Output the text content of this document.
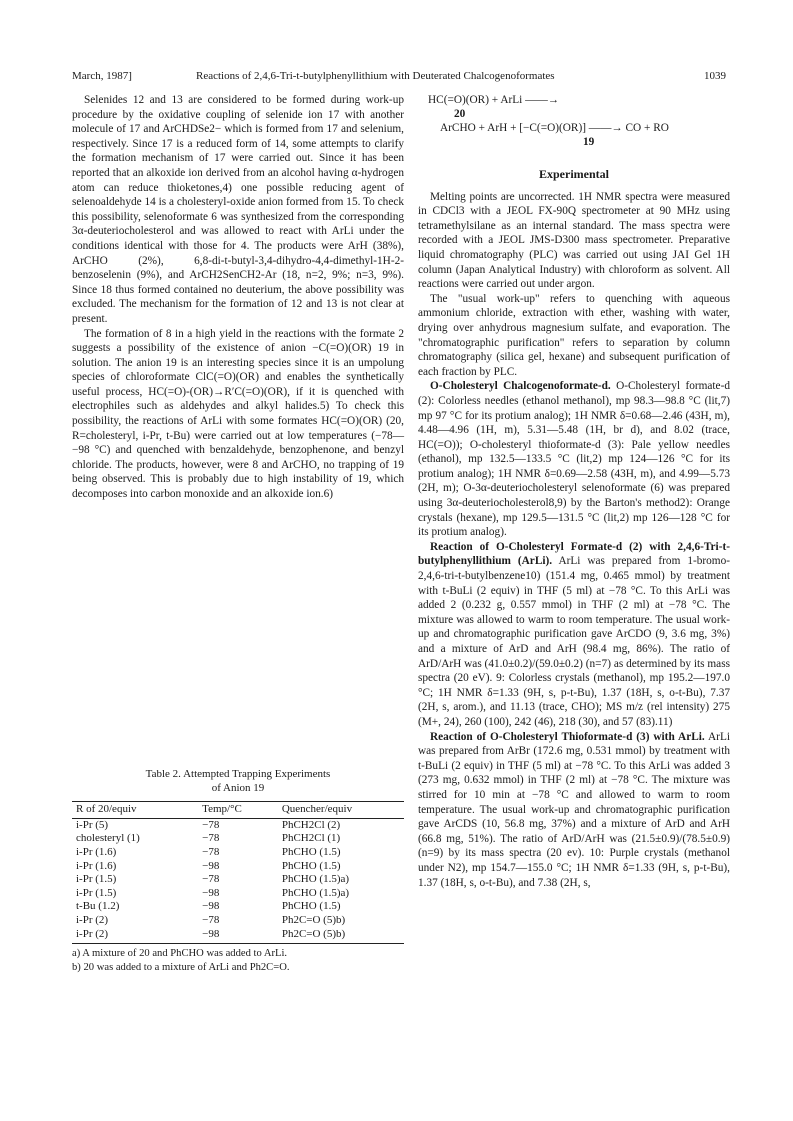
March, 1987]	Reactions of 2,4,6-Tri-t-butylphenyllithium with Deuterated Chalcogenoformates	1039

Selenides 12 and 13 are considered to be formed during work-up procedure by the oxidative coupling of selenide ion 17 with another molecule of 17 and ArCHDSe2− which is formed from 17 and selenium, respectively. Since 17 is a reduced form of 14, some attempts to clarify the formation mechanism of 17 were carried out. Since it has been reported that an alkoxide ion derived from an alcohol having α-hydrogen atom can reduce thioketones,4) one possible reducing agent of selenoaldehyde 14 is a cholesteryl-oxide anion formed from 15. To check this possibility, selenoformate 6 was synthesized from the corresponding 3α-deuteriocholesterol and was allowed to react with ArLi under the conditions identical with those for 4. The products were ArH (38%), ArCHO (2%), 6,8-di-t-butyl-3,4-dihydro-4,4-dimethyl-1H-2-benzoselenin (9%), and ArCH2SenCH2-Ar (18, n=2, 9%; n=3, 9%). Since 18 thus formed contained no deuterium, the above possibility was excluded. The mechanism for the formation of 12 and 13 is not clear at present.

The formation of 8 in a high yield in the reactions with the formate 2 suggests a possibility of the existence of anion −C(=O)(OR) 19 in solution. The anion 19 is an interesting species since it is an umpolung species of chloroformate ClC(=O)(OR) and enables the synthetically useful process, HC(=O)-(OR)→R′C(=O)(OR), if it is quenched with electrophiles such as aldehydes and alkyl halides.5) To check this possibility, the reactions of ArLi with some formates HC(=O)(OR) (20, R=cholesteryl, i-Pr, t-Bu) were carried out at low temperatures (−78—−98 °C) and quenched with benzaldehyde, benzophenone, and benzyl chloride. The products, however, were 8 and ArCHO, no trapping of 19 being observed. This is probably due to high instability of 19, which decomposes into carbon monoxide and an alkoxide ion.6)

Table 2. Attempted Trapping Experiments
of Anion 19
R of 20/equiv	Temp/°C	Quencher/equiv
i-Pr (5)	−78	PhCH2Cl (2)
cholesteryl (1)	−78	PhCH2Cl (1)
i-Pr (1.6)	−78	PhCHO (1.5)
i-Pr (1.6)	−98	PhCHO (1.5)
i-Pr (1.5)	−78	PhCHO (1.5)a)
i-Pr (1.5)	−98	PhCHO (1.5)a)
t-Bu (1.2)	−98	PhCHO (1.5)
i-Pr (2)	−78	Ph2C=O (5)b)
i-Pr (2)	−98	Ph2C=O (5)b)
a) A mixture of 20 and PhCHO was added to ArLi.
b) 20 was added to a mixture of ArLi and Ph2C=O.
HC(=O)(OR) + ArLi ——→
20
ArCHO + ArH + [−C(=O)(OR)] ——→ CO + RO
19
Experimental

Melting points are uncorrected. 1H NMR spectra were measured in CDCl3 with a JEOL FX-90Q spectrometer at 90 MHz using tetramethylsilane as an internal standard. The mass spectra were recorded with a JEOL JMS-D300 mass spectrometer. Preparative liquid chromatography (PLC) was carried out using JAI Gel 1H column (Japan Analytical Industry) with chloroform as solvent. All reactions were carried out under argon.

The "usual work-up" refers to quenching with aqueous ammonium chloride, extraction with ether, washing with water, drying over anhydrous magnesium sulfate, and evaporation. The "chromatographic purification" refers to separation by column chromatography (silica gel, hexane) and subsequent purification of each fraction by PLC.

O-Cholesteryl Chalcogenoformate-d. O-Cholesteryl formate-d (2): Colorless needles (ethanol methanol), mp 98.3—98.8 °C (lit,7) mp 97 °C for its protium analog); 1H NMR δ=0.68—2.46 (43H, m), 4.48—4.96 (1H, m), 5.31—5.48 (1H, br d), and 8.02 (trace, HC(=O)); O-cholesteryl thioformate-d (3): Pale yellow needles (ethanol), mp 132.5—133.5 °C (lit,2) mp 124—126 °C for its protium analog); 1H NMR δ=0.69—2.58 (43H, m), and 4.99—5.73 (2H, m); O-3α-deuteriocholesteryl selenoformate (6) was prepared using 3α-deuteriocholesterol8,9) by the Barton's method2): Orange crystals (hexane), mp 129.5—131.5 °C (lit,2) mp 126—128 °C for its protium analog).

Reaction of O-Cholesteryl Formate-d (2) with 2,4,6-Tri-t-butylphenyllithium (ArLi). ArLi was prepared from 1-bromo-2,4,6-tri-t-butylbenzene10) (151.4 mg, 0.465 mmol) by treatment with t-BuLi (2 equiv) in THF (5 ml) at −78 °C. To this ArLi was added 2 (0.232 g, 0.557 mmol) in THF (2 ml) at −78 °C. The mixture was allowed to warm to room temperature. The usual work-up and chromatographic purification gave ArCDO (9, 3.6 mg, 3%) and a mixture of ArD and ArH (98.4 mg, 86%). The ratio of ArD/ArH was (41.0±0.2)/(59.0±0.2) (n=7) as determined by its mass spectra (20 eV). 9: Colorless crystals (methanol), mp 195.2—197.0 °C; 1H NMR δ=1.33 (9H, s, p-t-Bu), 1.37 (18H, s, o-t-Bu), 7.37 (2H, s, arom.), and 11.13 (trace, CHO); MS m/z (rel intensity) 275 (M+, 24), 260 (100), 242 (46), 218 (30), and 57 (83).11)

Reaction of O-Cholesteryl Thioformate-d (3) with ArLi. ArLi was prepared from ArBr (172.6 mg, 0.531 mmol) by treatment with t-BuLi (2 equiv) in THF (5 ml) at −78 °C. To this ArLi was added 3 (273 mg, 0.632 mmol) in THF (2 ml) at −78 °C. The mixture was stirred for 10 min at −78 °C and allowed to warm to room temperature. The usual work-up and chromatographic purification gave ArCDS (10, 56.8 mg, 37%) and a mixture of ArD and ArH (66.8 mg, 51%). The ratio of ArD/ArH was (21.5±0.9)/(78.5±0.9) (n=9) by its mass spectra (20 ev). 10: Purple crystals (methanol under N2), mp 154.7—155.0 °C; 1H NMR δ=1.33 (9H, s, p-t-Bu), 1.37 (18H, s, o-t-Bu), and 7.38 (2H, s,
